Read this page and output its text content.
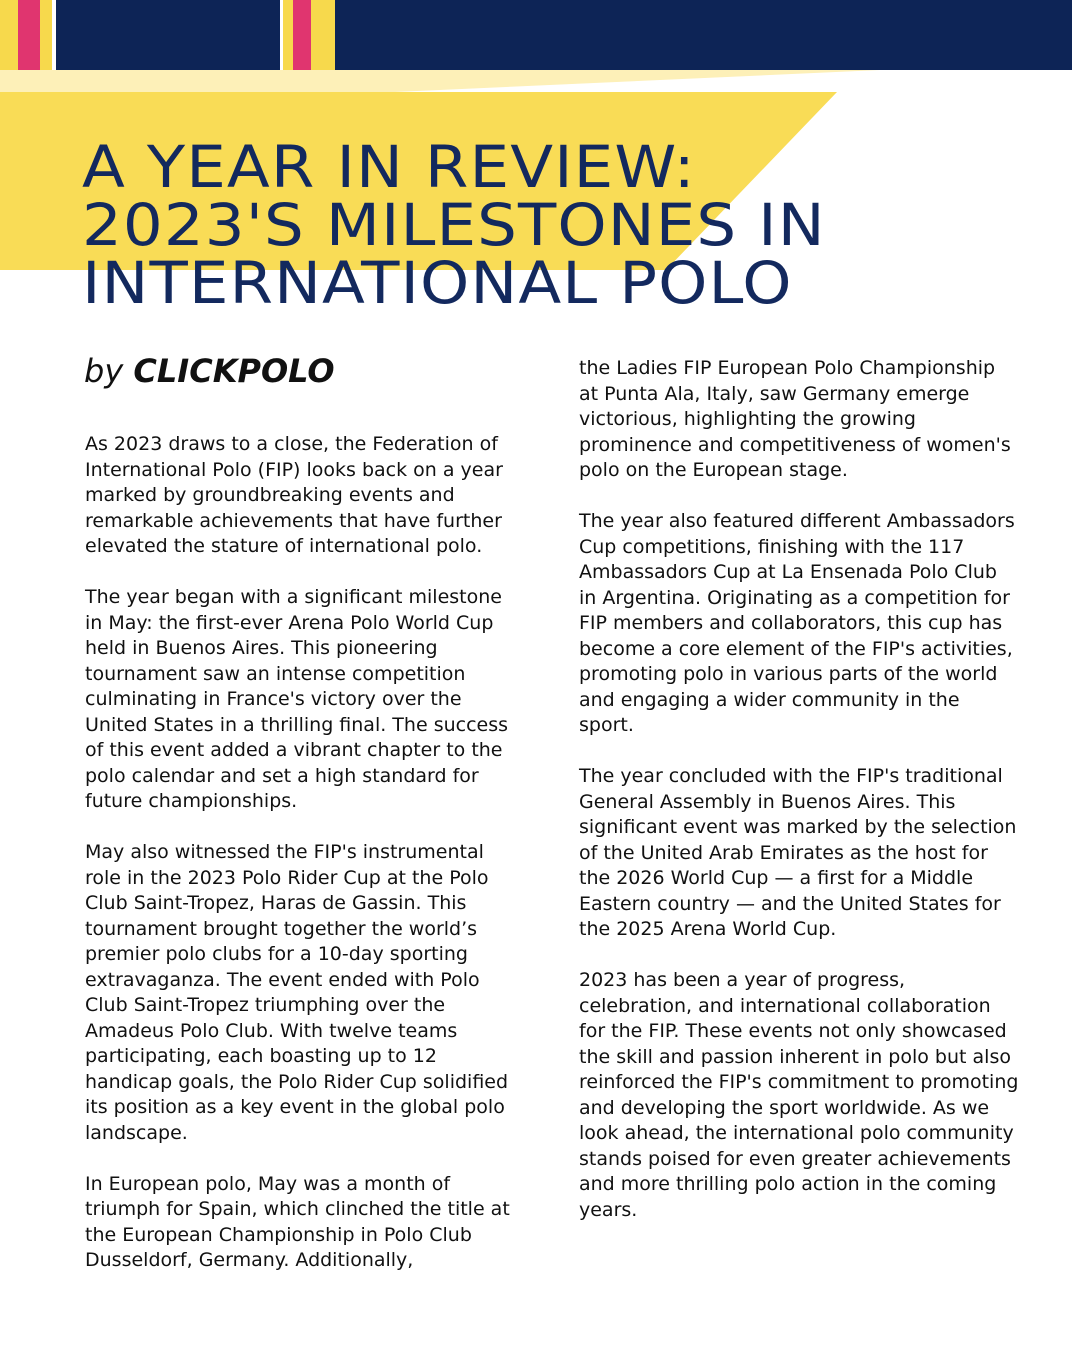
A YEAR IN REVIEW:
2023'S MILESTONES IN
INTERNATIONAL POLO

by CLICKPOLO

As 2023 draws to a close, the Federation of International Polo (FIP) looks back on a year marked by groundbreaking events and remarkable achievements that have further elevated the stature of international polo.

The year began with a significant milestone in May: the first-ever Arena Polo World Cup held in Buenos Aires. This pioneering tournament saw an intense competition culminating in France's victory over the United States in a thrilling final. The success of this event added a vibrant chapter to the polo calendar and set a high standard for future championships.

May also witnessed the FIP's instrumental role in the 2023 Polo Rider Cup at the Polo Club Saint-Tropez, Haras de Gassin. This tournament brought together the world’s premier polo clubs for a 10-day sporting extravaganza. The event ended with Polo Club Saint-Tropez triumphing over the Amadeus Polo Club. With twelve teams participating, each boasting up to 12 handicap goals, the Polo Rider Cup solidified its position as a key event in the global polo landscape.

In European polo, May was a month of triumph for Spain, which clinched the title at the European Championship in Polo Club Dusseldorf, Germany. Additionally,

the Ladies FIP European Polo Championship at Punta Ala, Italy, saw Germany emerge victorious, highlighting the growing prominence and competitiveness of women's polo on the European stage.

The year also featured different Ambassadors Cup competitions, finishing with the 117 Ambassadors Cup at La Ensenada Polo Club in Argentina. Originating as a competition for FIP members and collaborators, this cup has become a core element of the FIP's activities, promoting polo in various parts of the world and engaging a wider community in the sport.

The year concluded with the FIP's traditional General Assembly in Buenos Aires. This significant event was marked by the selection of the United Arab Emirates as the host for the 2026 World Cup — a first for a Middle Eastern country — and the United States for the 2025 Arena World Cup.

2023 has been a year of progress, celebration, and international collaboration for the FIP. These events not only showcased the skill and passion inherent in polo but also reinforced the FIP's commitment to promoting and developing the sport worldwide. As we look ahead, the international polo community stands poised for even greater achievements and more thrilling polo action in the coming years.
